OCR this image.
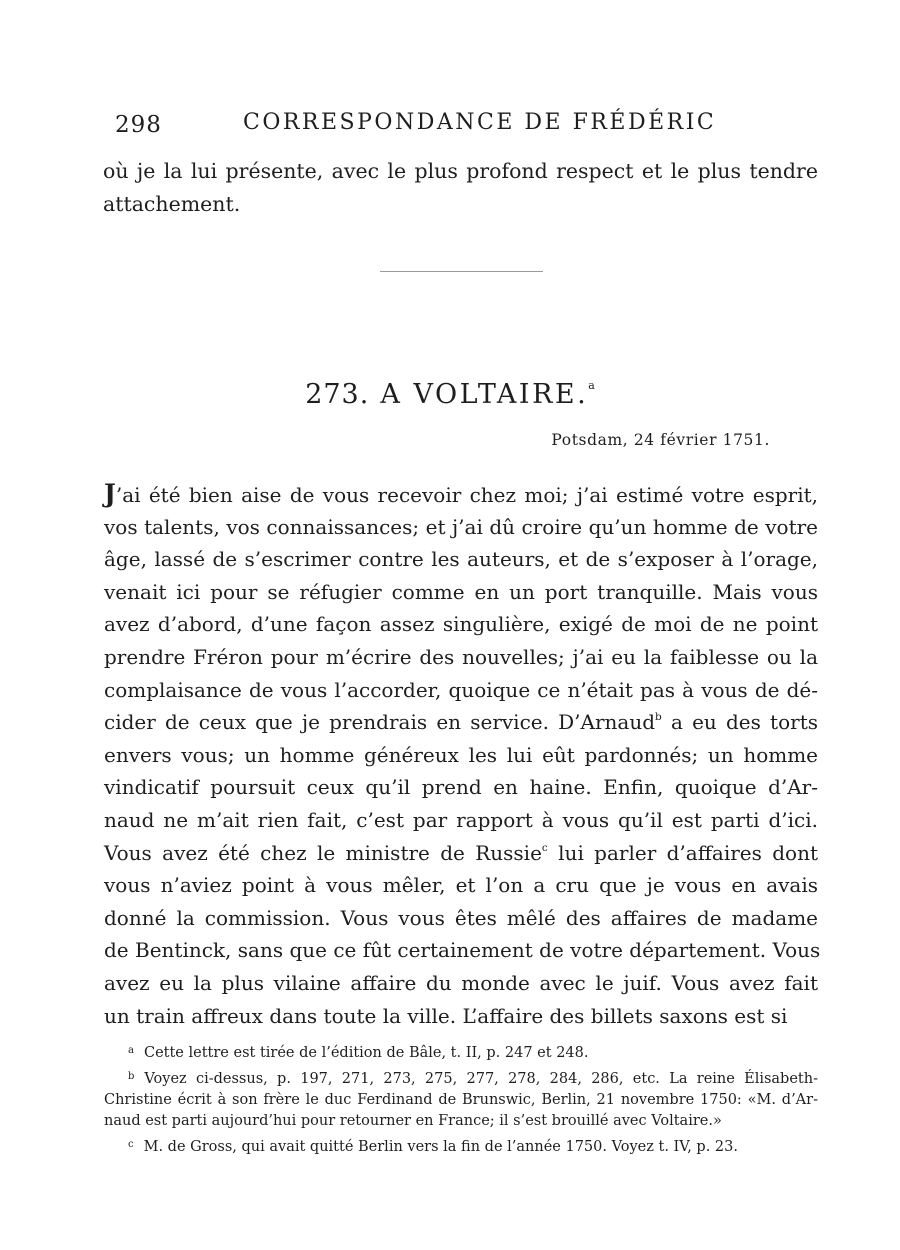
298	CORRESPONDANCE DE FRÉDÉRIC
où je la lui présente, avec le plus profond respect et le plus tendre
attachement.
273. A VOLTAIRE.$^a$
Potsdam, 24 février 1751.
J’ai été bien aise de vous recevoir chez moi; j’ai estimé votre esprit,
vos talents, vos connaissances; et j’ai dû croire qu’un homme de votre
âge, lassé de s’escrimer contre les auteurs, et de s’exposer à l’orage,
venait ici pour se réfugier comme en un port tranquille. Mais vous
avez d’abord, d’une façon assez singulière, exigé de moi de ne point
prendre Fréron pour m’écrire des nouvelles; j’ai eu la faiblesse ou la
complaisance de vous l’accorder, quoique ce n’était pas à vous de dé-
cider de ceux que je prendrais en service. D’Arnaud$^b$ a eu des torts
envers vous; un homme généreux les lui eût pardonnés; un homme
vindicatif poursuit ceux qu’il prend en haine. Enfin, quoique d’Ar-
naud ne m’ait rien fait, c’est par rapport à vous qu’il est parti d’ici.
Vous avez été chez le ministre de Russie$^c$ lui parler d’affaires dont
vous n’aviez point à vous mêler, et l’on a cru que je vous en avais
donné la commission. Vous vous êtes mêlé des affaires de madame
de Bentinck, sans que ce fût certainement de votre département. Vous
avez eu la plus vilaine affaire du monde avec le juif. Vous avez fait
un train affreux dans toute la ville. L’affaire des billets saxons est si
$^a$ Cette lettre est tirée de l’édition de Bâle, t. II, p. 247 et 248.
$^b$ Voyez ci-dessus, p. 197, 271, 273, 275, 277, 278, 284, 286, etc. La reine Élisabeth-
Christine écrit à son frère le duc Ferdinand de Brunswic, Berlin, 21 novembre 1750: «M. d’Ar-
naud est parti aujourd’hui pour retourner en France; il s’est brouillé avec Voltaire.»
$^c$ M. de Gross, qui avait quitté Berlin vers la fin de l’année 1750. Voyez t. IV, p. 23.
